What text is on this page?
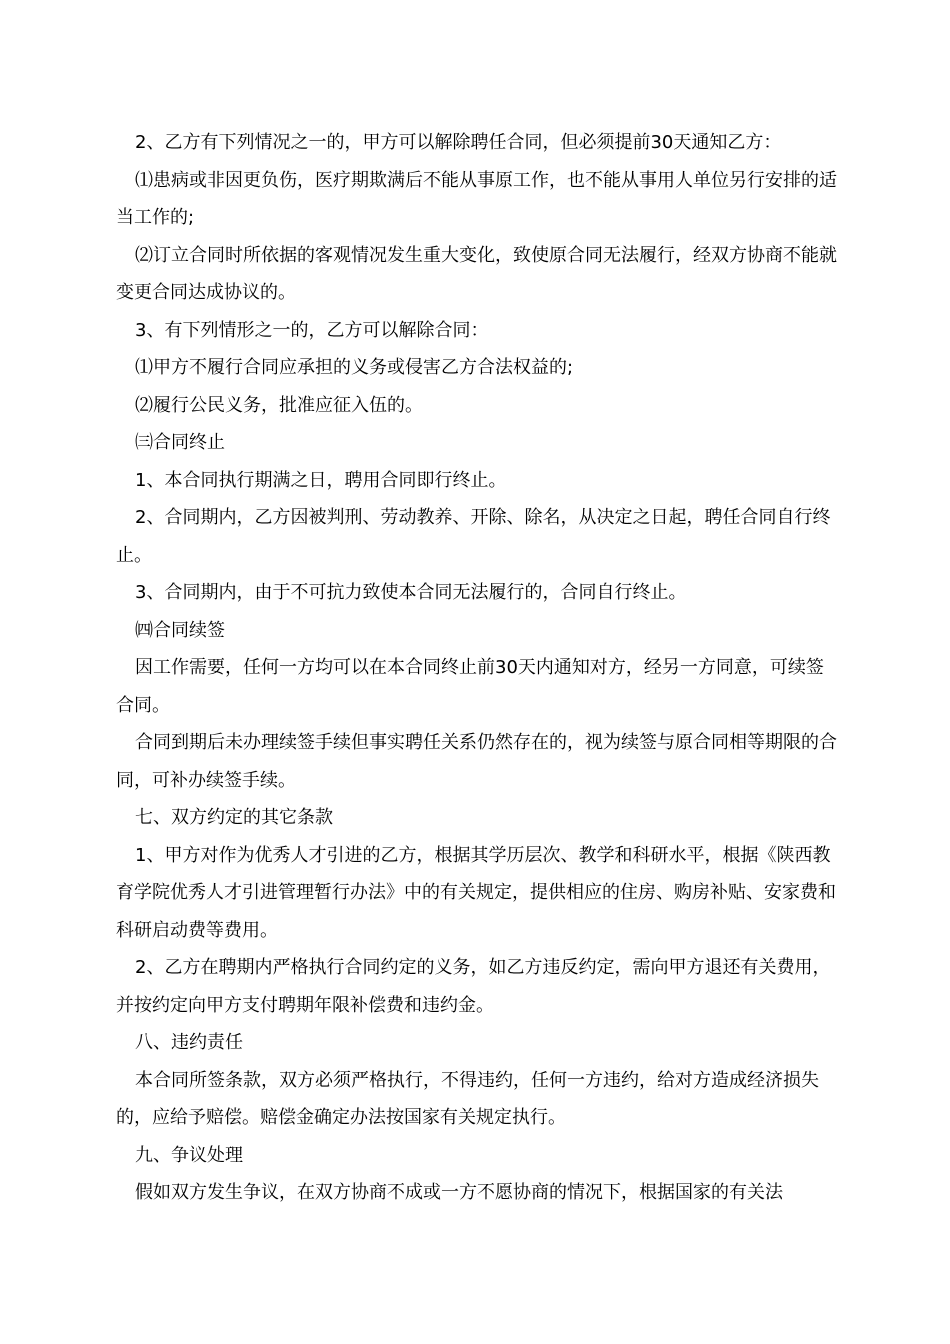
2、乙方有下列情况之一的，甲方可以解除聘任合同，但必须提前30天通知乙方：

⑴患病或非因更负伤，医疗期欺满后不能从事原工作，也不能从事用人单位另行安排的适当工作的;

⑵订立合同时所依据的客观情况发生重大变化，致使原合同无法履行，经双方协商不能就变更合同达成协议的。

3、有下列情形之一的，乙方可以解除合同：

⑴甲方不履行合同应承担的义务或侵害乙方合法权益的;

⑵履行公民义务，批准应征入伍的。

㈢合同终止

1、本合同执行期满之日，聘用合同即行终止。

2、合同期内，乙方因被判刑、劳动教养、开除、除名，从决定之日起，聘任合同自行终止。

3、合同期内，由于不可抗力致使本合同无法履行的，合同自行终止。

㈣合同续签

因工作需要，任何一方均可以在本合同终止前30天内通知对方，经另一方同意，可续签合同。

合同到期后未办理续签手续但事实聘任关系仍然存在的，视为续签与原合同相等期限的合同，可补办续签手续。

七、双方约定的其它条款

1、甲方对作为优秀人才引进的乙方，根据其学历层次、教学和科研水平，根据《陕西教育学院优秀人才引进管理暂行办法》中的有关规定，提供相应的住房、购房补贴、安家费和科研启动费等费用。

2、乙方在聘期内严格执行合同约定的义务，如乙方违反约定，需向甲方退还有关费用，并按约定向甲方支付聘期年限补偿费和违约金。

八、违约责任

本合同所签条款，双方必须严格执行，不得违约，任何一方违约，给对方造成经济损失的，应给予赔偿。赔偿金确定办法按国家有关规定执行。

九、争议处理

假如双方发生争议，在双方协商不成或一方不愿协商的情况下，根据国家的有关法
